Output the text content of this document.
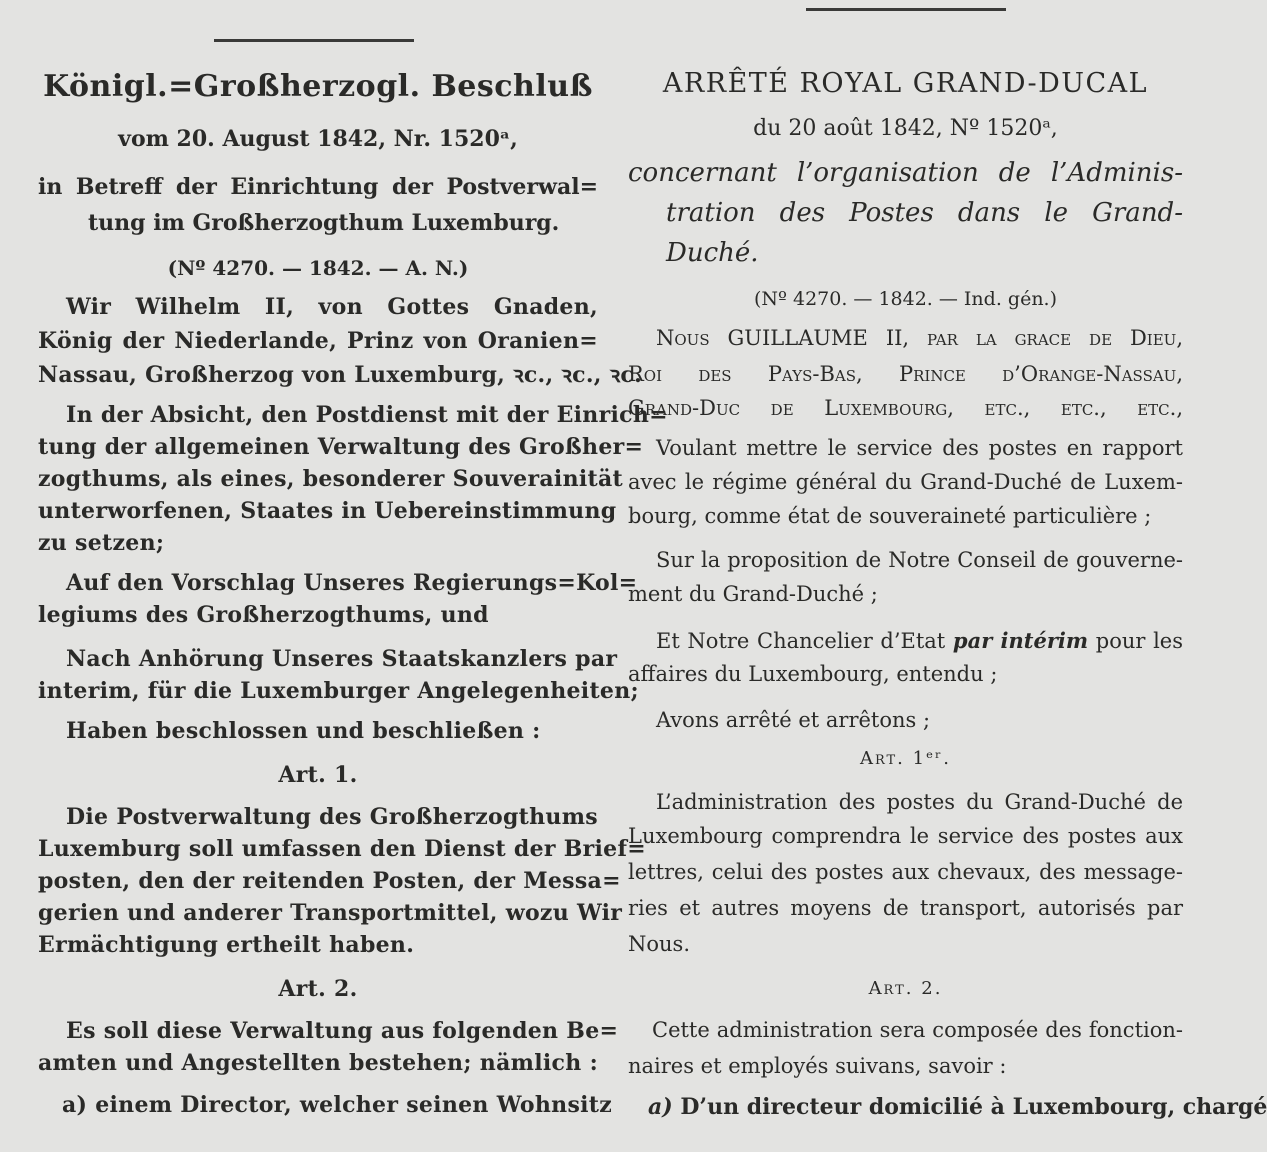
Königl.=Großherzogl. Beschluß

vom 20. August 1842, Nr. 1520ᵃ,

in Betreff der Einrichtung der Postverwal=

tung im Großherzogthum Luxemburg.

(Nº 4270. — 1842. — A. N.)

Wir Wilhelm II, von Gottes Gnaden,

König der Niederlande, Prinz von Oranien=

Nassau, Großherzog von Luxemburg, ꝛc., ꝛc., ꝛc.

In der Absicht, den Postdienst mit der Einrich=

tung der allgemeinen Verwaltung des Großher=

zogthums, als eines, besonderer Souverainität

unterworfenen, Staates in Uebereinstimmung

zu setzen;

Auf den Vorschlag Unseres Regierungs=Kol=

legiums des Großherzogthums, und

Nach Anhörung Unseres Staatskanzlers par

interim, für die Luxemburger Angelegenheiten;

Haben beschlossen und beschließen :

Art. 1.

Die Postverwaltung des Großherzogthums

Luxemburg soll umfassen den Dienst der Brief=

posten, den der reitenden Posten, der Messa=

gerien und anderer Transportmittel, wozu Wir

Ermächtigung ertheilt haben.

Art. 2.

Es soll diese Verwaltung aus folgenden Be=

amten und Angestellten bestehen; nämlich :

a) einem Director, welcher seinen Wohnsitz

ARRÊTÉ ROYAL GRAND-DUCAL

du 20 août 1842, Nº 1520ᵃ,

concernant l’organisation de l’Adminis-

tration des Postes dans le Grand-

Duché.

(Nº 4270. — 1842. — Ind. gén.)

Nous GUILLAUME II, par la grace de Dieu,

Roi des Pays-Bas, Prince d’Orange-Nassau,

Grand-Duc de Luxembourg, etc., etc., etc.,

Voulant mettre le service des postes en rapport

avec le régime général du Grand-Duché de Luxem-

bourg, comme état de souveraineté particulière ;

Sur la proposition de Notre Conseil de gouverne-

ment du Grand-Duché ;

Et Notre Chancelier d’Etat par intérim pour les

affaires du Luxembourg, entendu ;

Avons arrêté et arrêtons ;

Art. 1ᵉʳ.

L’administration des postes du Grand-Duché de

Luxembourg comprendra le service des postes aux

lettres, celui des postes aux chevaux, des message-

ries et autres moyens de transport, autorisés par

Nous.

Art. 2.

Cette administration sera composée des fonction-

naires et employés suivans, savoir :

a) D’un directeur domicilié à Luxembourg, chargé
